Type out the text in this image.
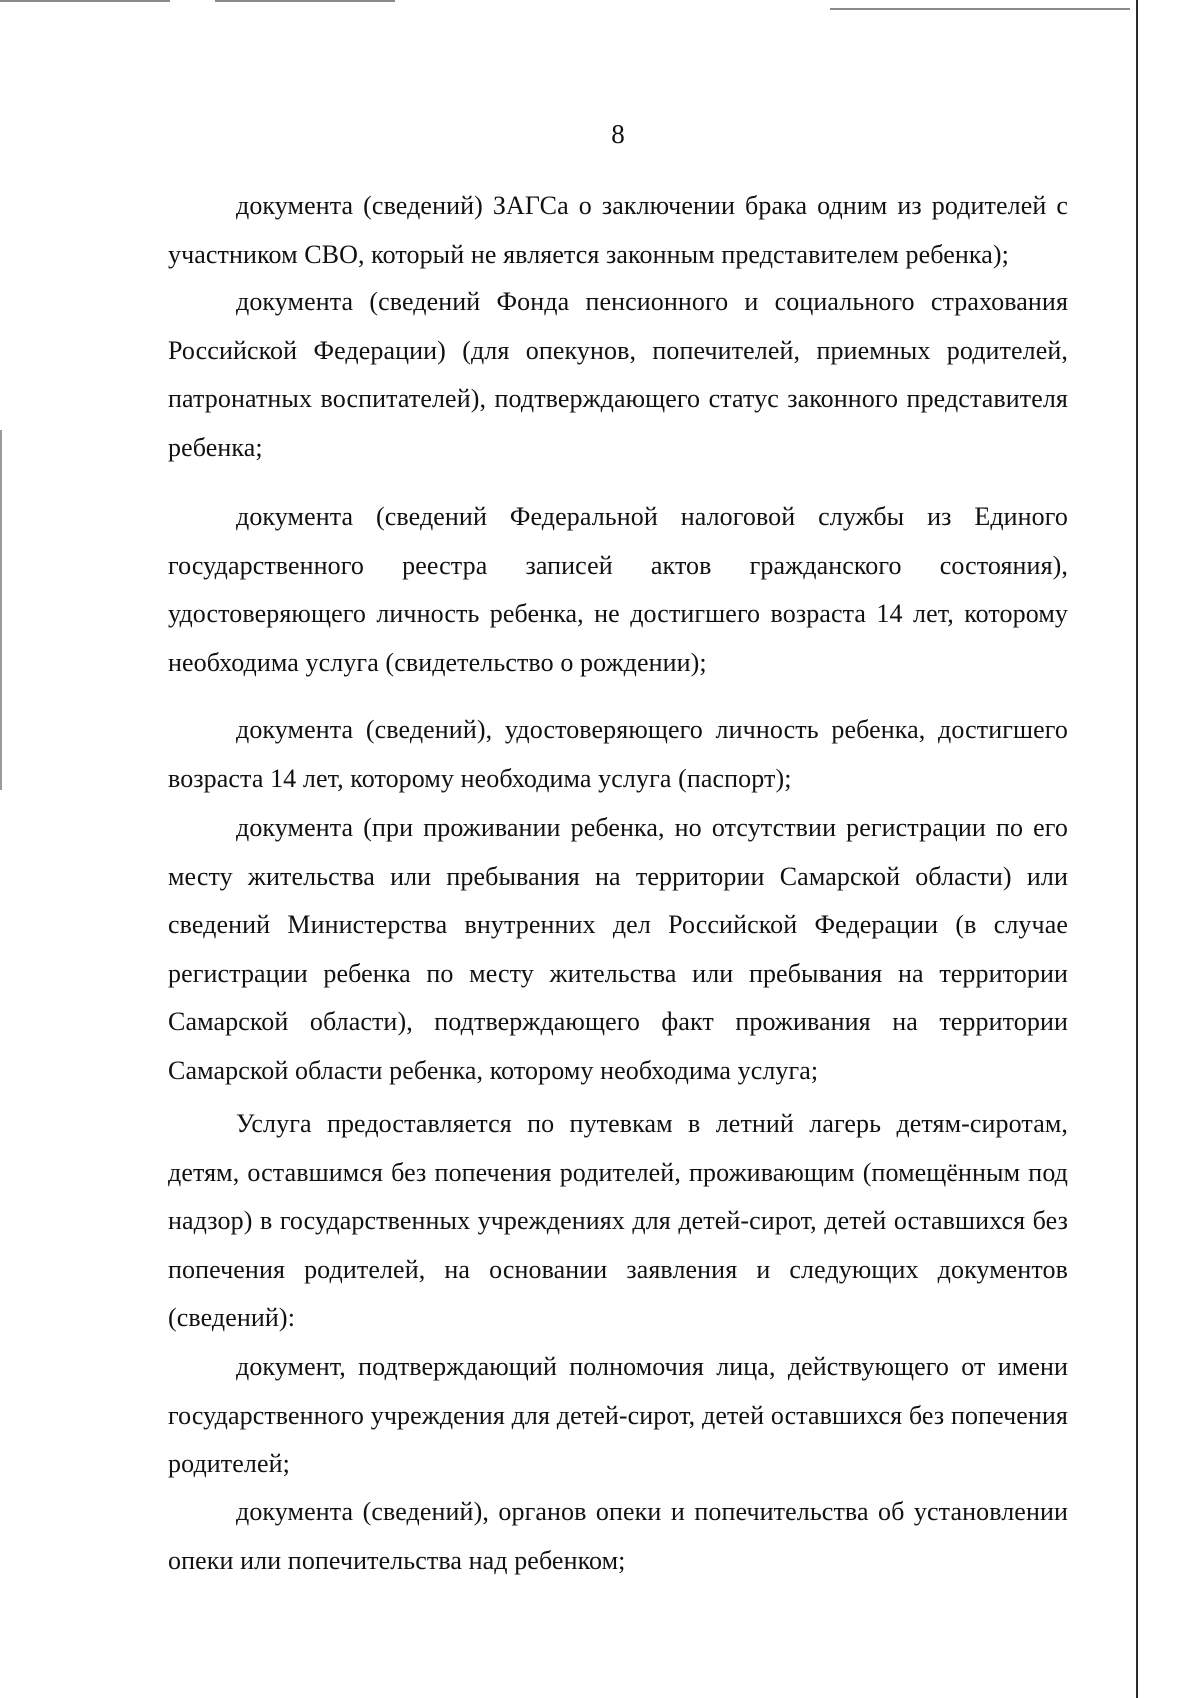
8

документа (сведений) ЗАГСа о заключении брака одним из родителей с участником СВО, который не является законным представителем ребенка);

документа (сведений Фонда пенсионного и социального страхования Российской Федерации) (для опекунов, попечителей, приемных родителей, патронатных воспитателей), подтверждающего статус законного представителя ребенка;

документа (сведений Федеральной налоговой службы из Единого государственного реестра записей актов гражданского состояния), удостоверяющего личность ребенка, не достигшего возраста 14 лет, которому необходима услуга (свидетельство о рождении);

документа (сведений), удостоверяющего личность ребенка, достигшего возраста 14 лет, которому необходима услуга (паспорт);

документа (при проживании ребенка, но отсутствии регистрации по его месту жительства или пребывания на территории Самарской области) или сведений Министерства внутренних дел Российской Федерации (в случае регистрации ребенка по месту жительства или пребывания на территории Самарской области), подтверждающего факт проживания на территории Самарской области ребенка, которому необходима услуга;

Услуга предоставляется по путевкам в летний лагерь детям-сиротам, детям, оставшимся без попечения родителей, проживающим (помещённым под надзор) в государственных учреждениях для детей-сирот, детей оставшихся без попечения родителей, на основании заявления и следующих документов (сведений):

документ, подтверждающий полномочия лица, действующего от имени государственного учреждения для детей-сирот, детей оставшихся без попечения родителей;

документа (сведений), органов опеки и попечительства об установлении опеки или попечительства над ребенком;
